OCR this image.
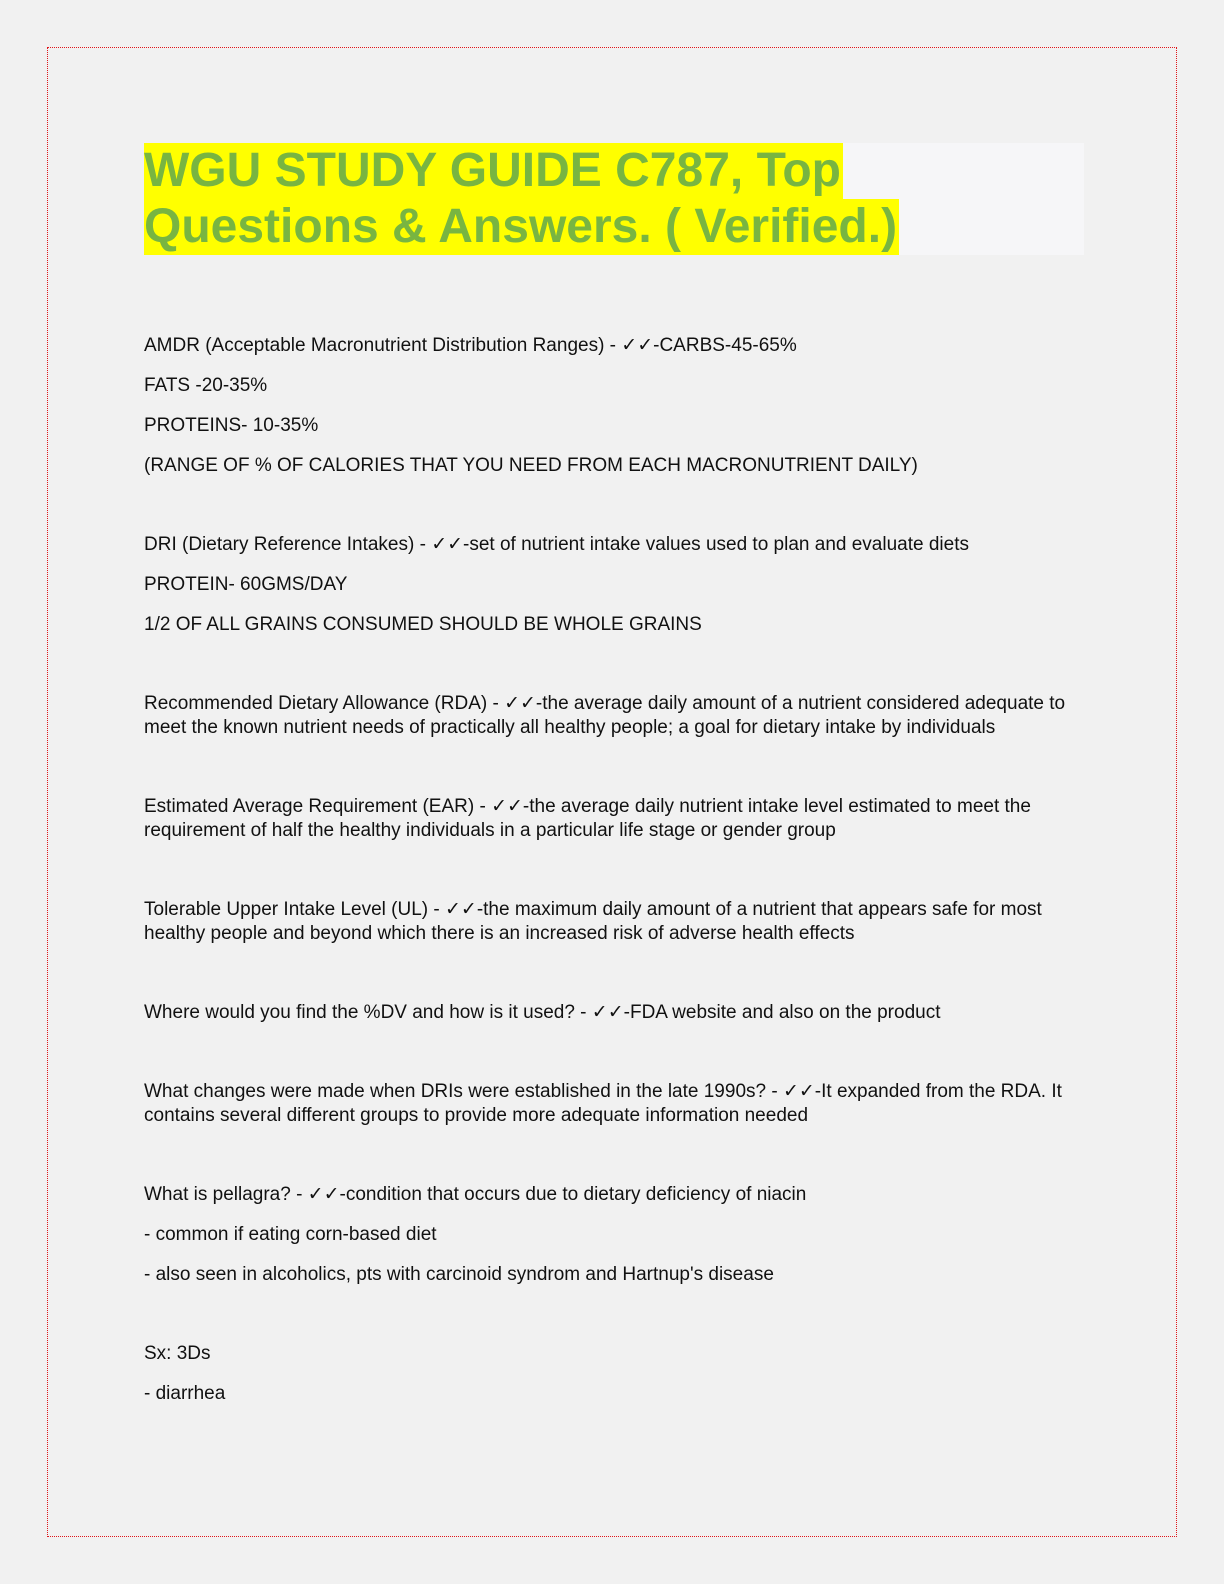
WGU STUDY GUIDE C787, Top
Questions & Answers. ( Verified.)

AMDR (Acceptable Macronutrient Distribution Ranges) - ✓✓-CARBS-45-65%

FATS -20-35%

PROTEINS- 10-35%

(RANGE OF % OF CALORIES THAT YOU NEED FROM EACH MACRONUTRIENT DAILY)

DRI (Dietary Reference Intakes) - ✓✓-set of nutrient intake values used to plan and evaluate diets

PROTEIN- 60GMS/DAY

1/2 OF ALL GRAINS CONSUMED SHOULD BE WHOLE GRAINS

Recommended Dietary Allowance (RDA) - ✓✓-the average daily amount of a nutrient considered adequate to meet the known nutrient needs of practically all healthy people; a goal for dietary intake by individuals

Estimated Average Requirement (EAR) - ✓✓-the average daily nutrient intake level estimated to meet the requirement of half the healthy individuals in a particular life stage or gender group

Tolerable Upper Intake Level (UL) - ✓✓-the maximum daily amount of a nutrient that appears safe for most healthy people and beyond which there is an increased risk of adverse health effects

Where would you find the %DV and how is it used? - ✓✓-FDA website and also on the product

What changes were made when DRIs were established in the late 1990s? - ✓✓-It expanded from the RDA. It contains several different groups to provide more adequate information needed

What is pellagra? - ✓✓-condition that occurs due to dietary deficiency of niacin

- common if eating corn-based diet

- also seen in alcoholics, pts with carcinoid syndrom and Hartnup's disease

Sx: 3Ds

- diarrhea
